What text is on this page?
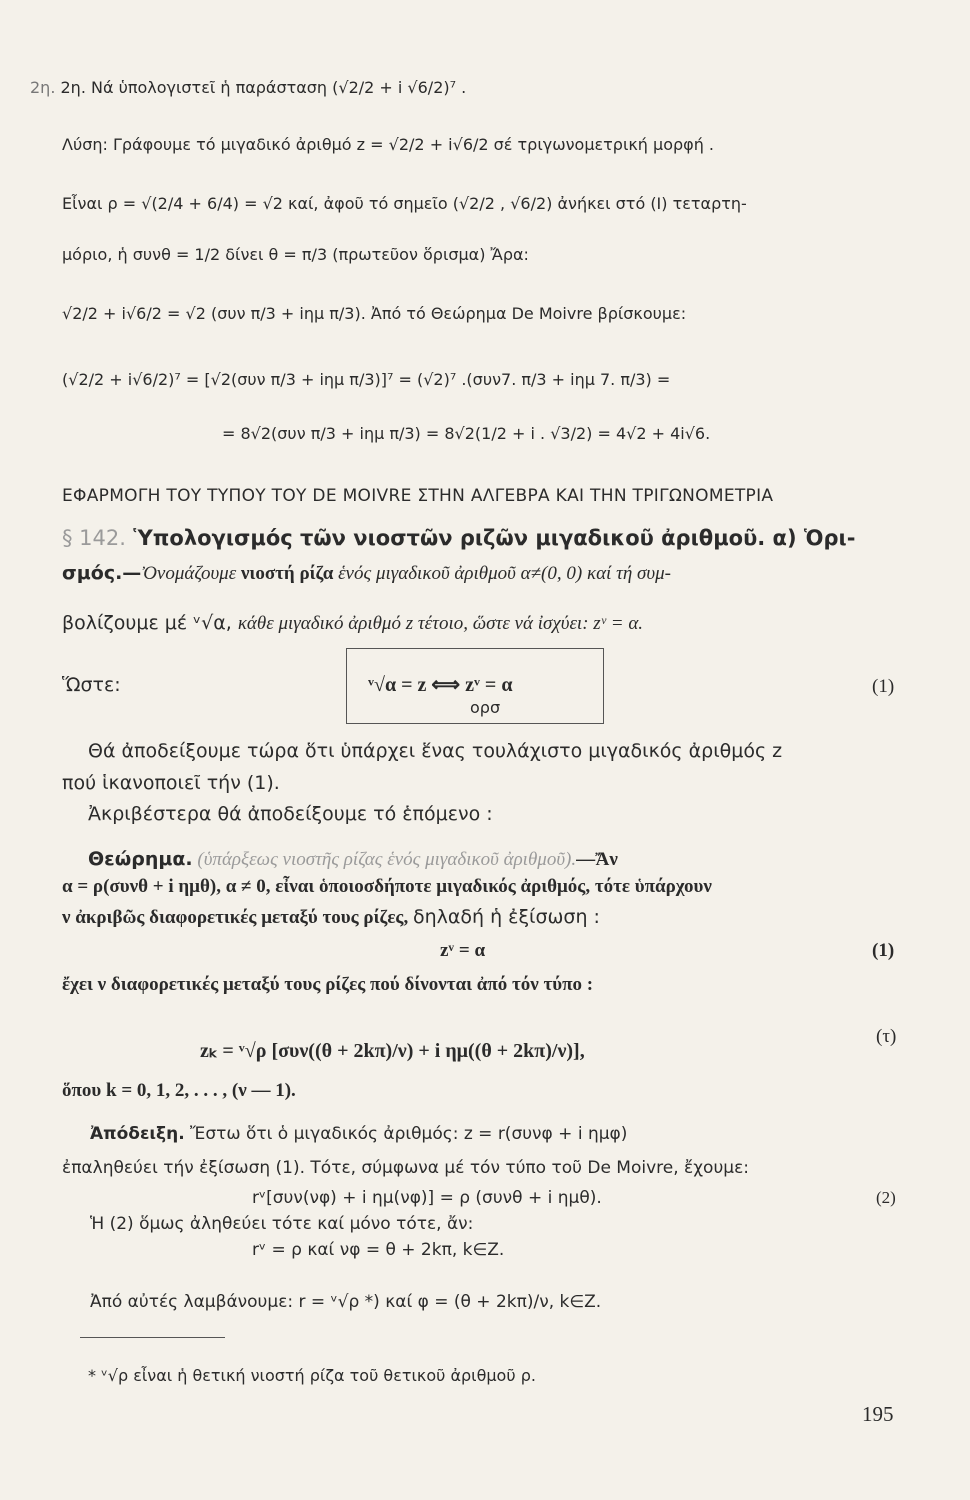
2η. 2η. Νά ὑπολογιστεῖ ἡ παράσταση (√2/2 + i √6/2)⁷ .
Λύση: Γράφουμε τό μιγαδικό ἀριθμό z = √2/2 + i√6/2 σέ τριγωνομετρική μορφή .
Εἶναι ρ = √(2/4 + 6/4) = √2 καί, ἀφοῦ τό σημεῖο (√2/2 , √6/2) ἀνήκει στό (I) τεταρτη-
μόριο, ἡ συνθ = 1/2 δίνει θ = π/3 (πρωτεῦον ὅρισμα) Ἄρα:
√2/2 + i√6/2 = √2 (συν π/3 + iημ π/3). Ἀπό τό Θεώρημα De Moivre βρίσκουμε:
(√2/2 + i√6/2)⁷ = [√2(συν π/3 + iημ π/3)]⁷ = (√2)⁷ .(συν7. π/3 + iημ 7. π/3) =
= 8√2(συν π/3 + iημ π/3) = 8√2(1/2 + i . √3/2) = 4√2 + 4i√6.
ΕΦΑΡΜΟΓΗ ΤΟΥ ΤΥΠΟΥ ΤΟΥ DE MOIVRE ΣΤΗΝ ΑΛΓΕΒΡΑ ΚΑΙ ΤΗΝ ΤΡΙΓΩΝΟΜΕΤΡΙΑ
§ 142. Ὑπολογισμός τῶν νιοστῶν ριζῶν μιγαδικοῦ ἀριθμοῦ. α) Ὁρι-
σμός.—Ὀνομάζουμε νιοστή ρίζα ἑνός μιγαδικοῦ ἀριθμοῦ α≠(0, 0) καί τή συμ-
βολίζουμε μέ ᵛ√α, κάθε μιγαδικό ἀριθμό z τέτοιο, ὥστε νά ἰσχύει: zᵛ = α.
Ὥστε:	ᵛ√α = z ⟺ zᵛ = α
ορσ
(1)
Θά ἀποδείξουμε τώρα ὅτι ὑπάρχει ἕνας τουλάχιστο μιγαδικός ἀριθμός z
πού ἱκανοποιεῖ τήν (1).
Ἀκριβέστερα θά ἀποδείξουμε τό ἑπόμενο :
Θεώρημα. (ὑπάρξεως νιοστῆς ρίζας ἑνός μιγαδικοῦ ἀριθμοῦ).—Ἄν
α = ρ(συνθ + i ημθ), α ≠ 0, εἶναι ὁποιοσδήποτε μιγαδικός ἀριθμός, τότε ὑπάρχουν
ν ἀκριβῶς διαφορετικές μεταξύ τους ρίζες, δηλαδή ἡ ἐξίσωση :
zᵛ = α	(1)
ἔχει ν διαφορετικές μεταξύ τους ρίζες πού δίνονται ἀπό τόν τύπο :
zₖ = ᵛ√ρ [συν((θ + 2kπ)/ν) + i ημ((θ + 2kπ)/ν)],
(τ)
ὅπου k = 0, 1, 2, . . . , (ν — 1).
Ἀπόδειξη. Ἔστω ὅτι ὁ μιγαδικός ἀριθμός: z = r(συνφ + i ημφ)
ἐπαληθεύει τήν ἐξίσωση (1). Τότε, σύμφωνα μέ τόν τύπο τοῦ De Moivre, ἔχουμε:
rᵛ[συν(νφ) + i ημ(νφ)] = ρ (συνθ + i ημθ).	(2)
Ἡ (2) ὅμως ἀληθεύει τότε καί μόνο τότε, ἄν:
rᵛ = ρ καί νφ = θ + 2kπ, k∈Z.
Ἀπό αὐτές λαμβάνουμε: r = ᵛ√ρ *) καί φ = (θ + 2kπ)/ν, k∈Z.
* ᵛ√ρ εἶναι ἡ θετική νιοστή ρίζα τοῦ θετικοῦ ἀριθμοῦ ρ.
195
